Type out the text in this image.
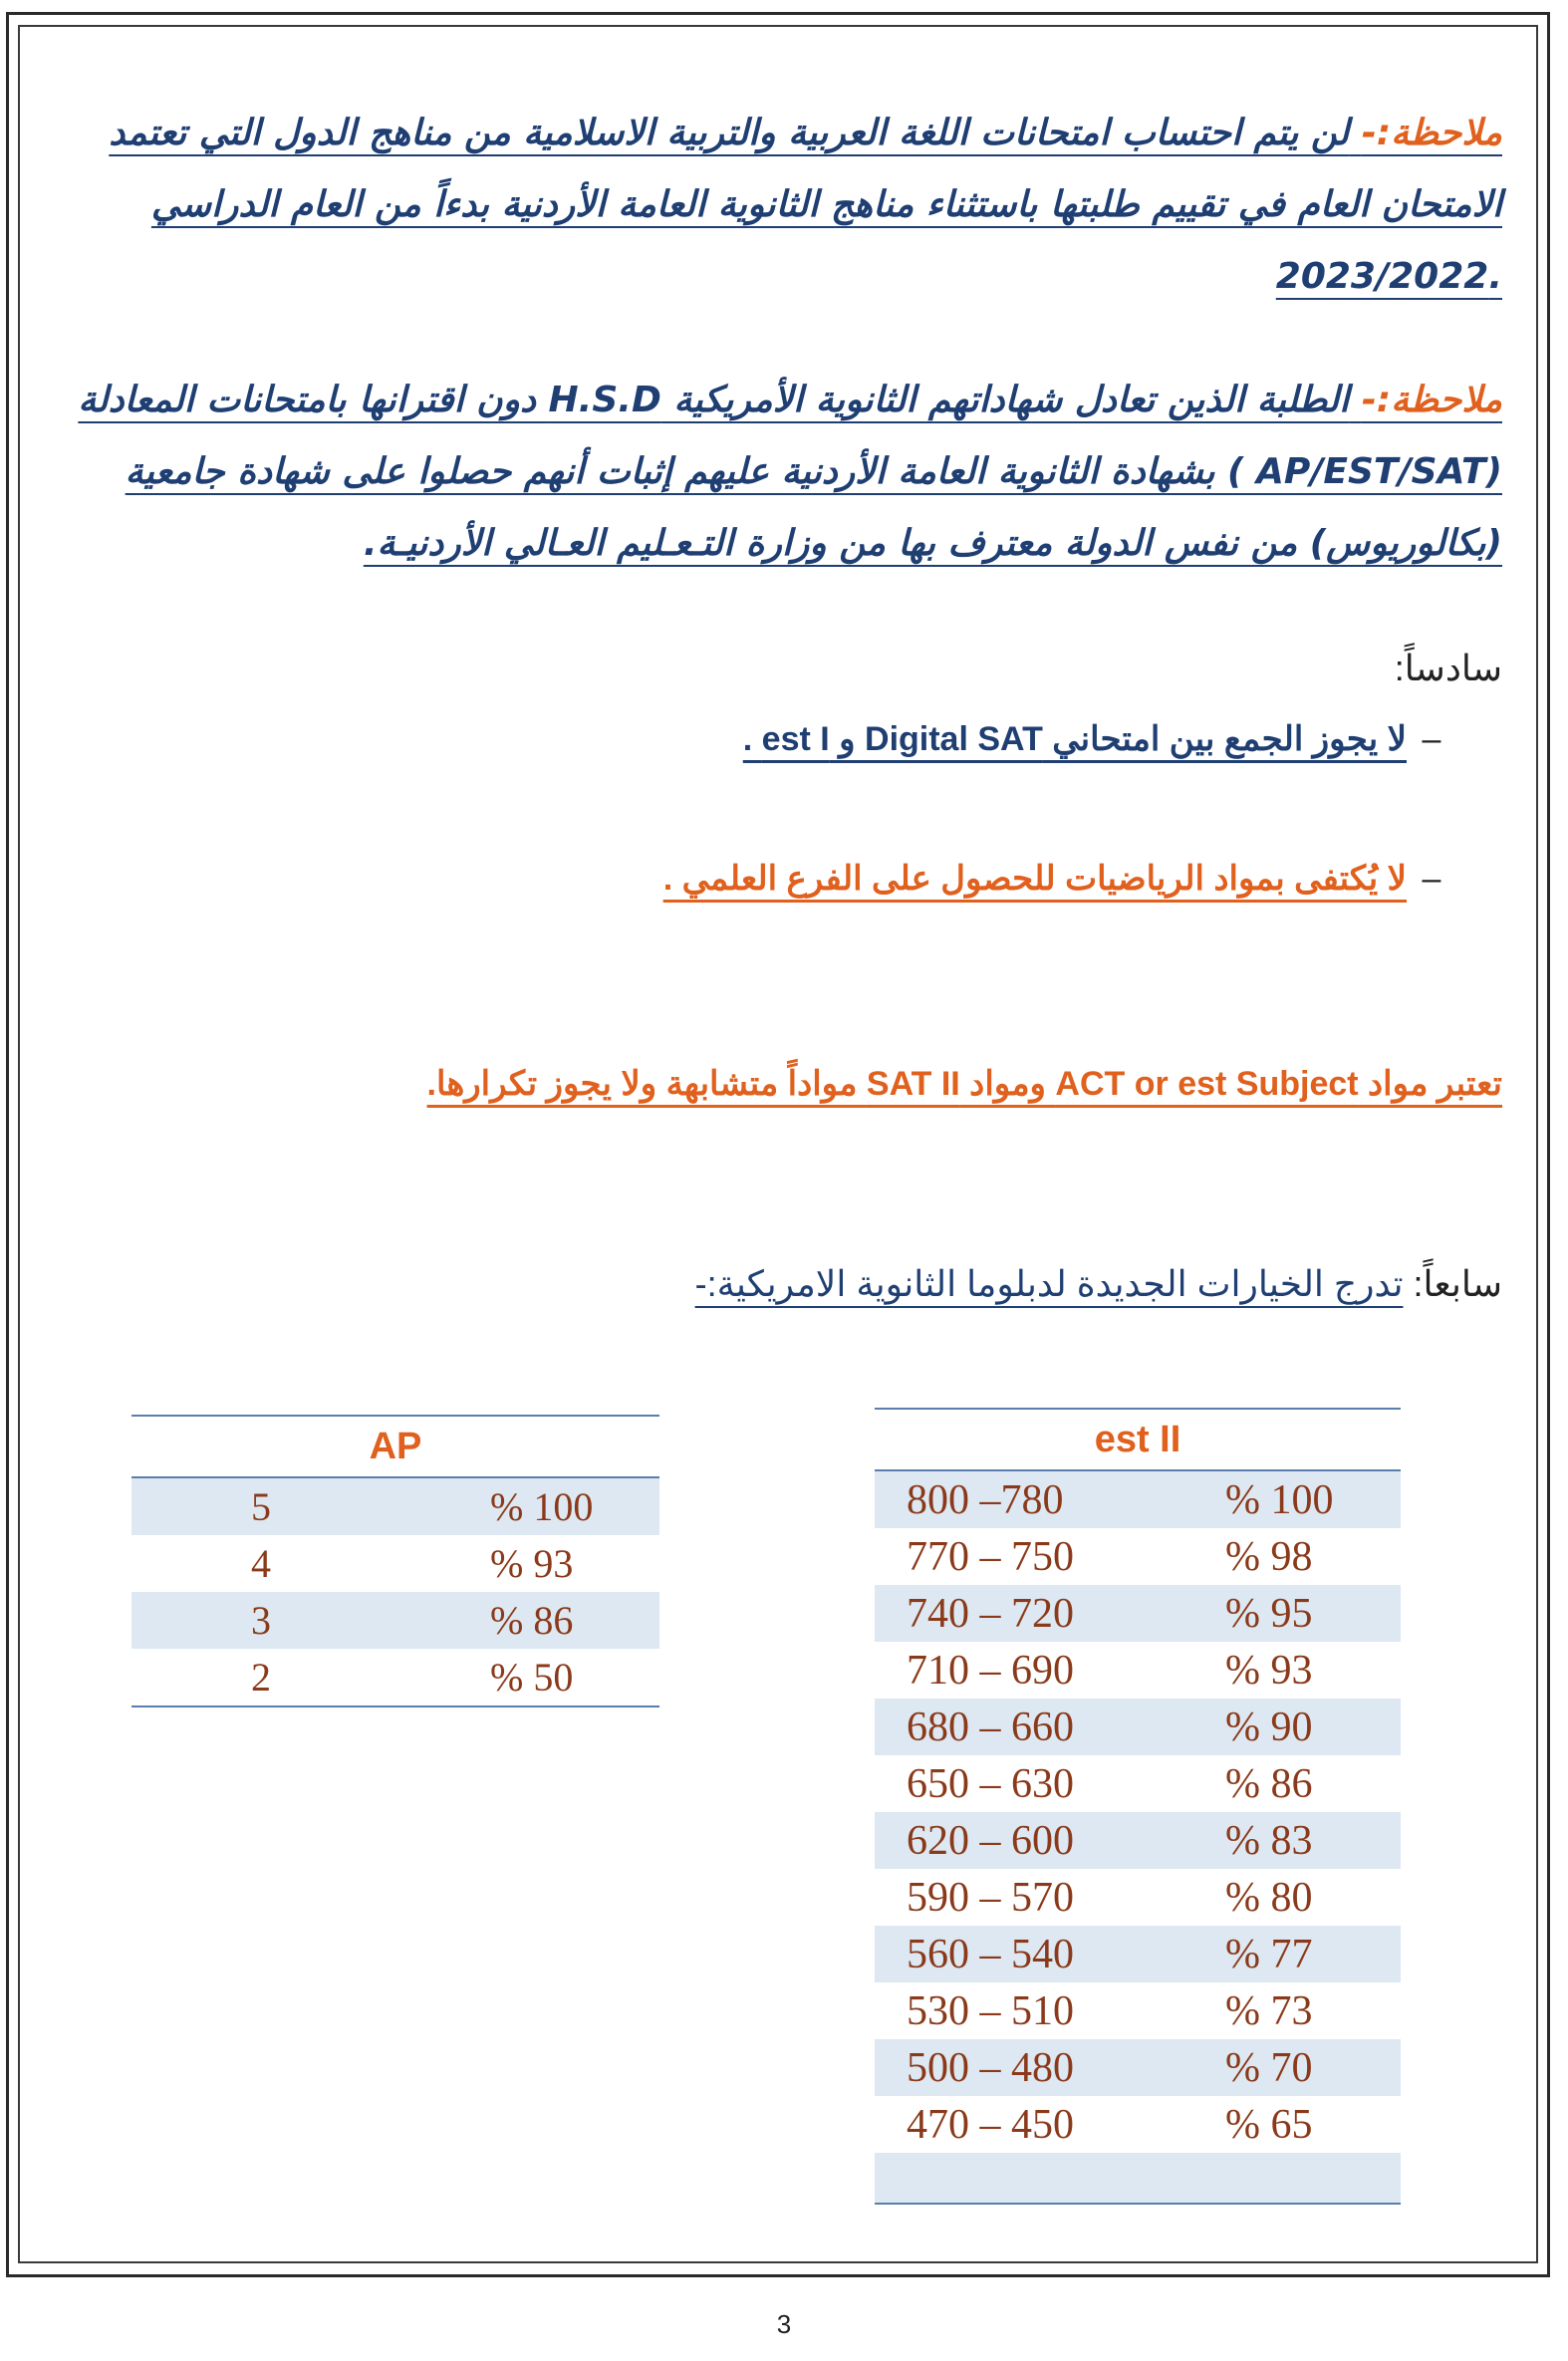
ملاحظة:- لن يتم احتساب امتحانات اللغة العربية والتربية الاسلامية من مناهج الدول التي تعتمد
الامتحان العام في تقييم طلبتها باستثناء مناهج الثانوية العامة الأردنية بدءاً من العام الدراسي
.2023/2022
ملاحظة:- الطلبة الذين تعادل شهاداتهم الثانوية الأمريكية H.S.D دون اقترانها بامتحانات المعادلة
(AP/EST/SAT ) بشهادة الثانوية العامة الأردنية عليهم إثبات أنهم حصلوا على شهادة جامعية
(بكالوريوس) من نفس الدولة معترف بها من وزارة التـعـليم العـالي الأردنيـة.
سادساً:
–لا يجوز الجمع بين امتحاني Digital SAT و est I .
–لا يُكتفى بمواد الرياضيات للحصول على الفرع العلمي .
تعتبر مواد ACT or est Subject ومواد SAT II مواداً متشابهة ولا يجوز تكرارها.
سابعاً: تدرج الخيارات الجديدة لدبلوما الثانوية الامريكية:-
AP	
5	% 100
4	% 93
3	% 86
2	% 50
est II	
800 –780	% 100
770 – 750	% 98
740 – 720	% 95
710 – 690	% 93
680 – 660	% 90
650 – 630	% 86
620 – 600	% 83
590 – 570	% 80
560 – 540	% 77
530 – 510	% 73
500 – 480	% 70
470 – 450	% 65

3
